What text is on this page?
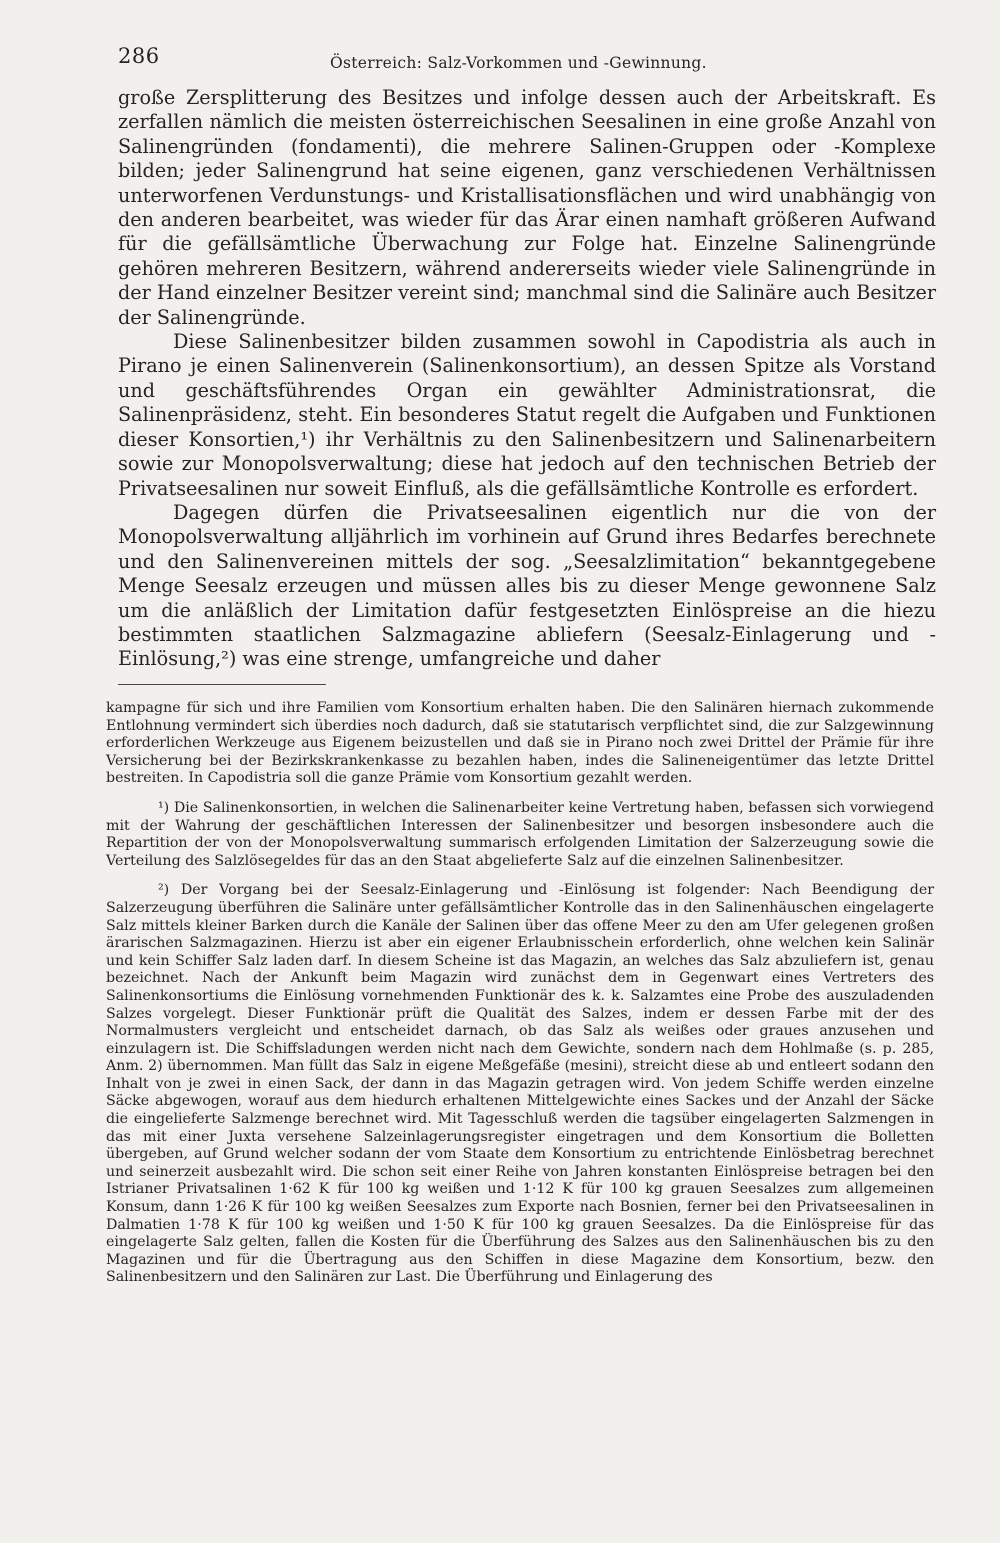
286	Österreich: Salz-Vorkommen und -Gewinnung.

große Zersplitterung des Besitzes und infolge dessen auch der Arbeitskraft. Es zerfallen nämlich die meisten österreichischen Seesalinen in eine große Anzahl von Salinengründen (fondamenti), die mehrere Salinen-Gruppen oder -Komplexe bilden; jeder Salinengrund hat seine eigenen, ganz verschiedenen Verhältnissen unterworfenen Verdunstungs- und Kristallisationsflächen und wird unabhängig von den anderen bearbeitet, was wieder für das Ärar einen namhaft größeren Aufwand für die gefällsämtliche Überwachung zur Folge hat. Einzelne Salinengründe gehören mehreren Besitzern, während andererseits wieder viele Salinengründe in der Hand einzelner Besitzer vereint sind; manchmal sind die Salinäre auch Besitzer der Salinengründe.

Diese Salinenbesitzer bilden zusammen sowohl in Capodistria als auch in Pirano je einen Salinenverein (Salinenkonsortium), an dessen Spitze als Vorstand und geschäftsführendes Organ ein gewählter Administrationsrat, die Salinenpräsidenz, steht. Ein besonderes Statut regelt die Aufgaben und Funktionen dieser Konsortien,¹) ihr Verhältnis zu den Salinenbesitzern und Salinenarbeitern sowie zur Monopolsverwaltung; diese hat jedoch auf den technischen Betrieb der Privatseesalinen nur soweit Einfluß, als die gefällsämtliche Kontrolle es erfordert.

Dagegen dürfen die Privatseesalinen eigentlich nur die von der Monopolsverwaltung alljährlich im vorhinein auf Grund ihres Bedarfes berechnete und den Salinenvereinen mittels der sog. „Seesalzlimitation“ bekanntgegebene Menge Seesalz erzeugen und müssen alles bis zu dieser Menge gewonnene Salz um die anläßlich der Limitation dafür festgesetzten Einlöspreise an die hiezu bestimmten staatlichen Salzmagazine abliefern (Seesalz-Einlagerung und -Einlösung,²) was eine strenge, umfangreiche und daher

kampagne für sich und ihre Familien vom Konsortium erhalten haben. Die den Salinären hiernach zukommende Entlohnung vermindert sich überdies noch dadurch, daß sie statutarisch verpflichtet sind, die zur Salzgewinnung erforderlichen Werkzeuge aus Eigenem beizustellen und daß sie in Pirano noch zwei Drittel der Prämie für ihre Versicherung bei der Bezirkskrankenkasse zu bezahlen haben, indes die Salineneigentümer das letzte Drittel bestreiten. In Capodistria soll die ganze Prämie vom Konsortium gezahlt werden.

¹) Die Salinenkonsortien, in welchen die Salinenarbeiter keine Vertretung haben, befassen sich vorwiegend mit der Wahrung der geschäftlichen Interessen der Salinenbesitzer und besorgen insbesondere auch die Repartition der von der Monopolsverwaltung summarisch erfolgenden Limitation der Salzerzeugung sowie die Verteilung des Salzlösegeldes für das an den Staat abgelieferte Salz auf die einzelnen Salinenbesitzer.

²) Der Vorgang bei der Seesalz-Einlagerung und -Einlösung ist folgender: Nach Beendigung der Salzerzeugung überführen die Salinäre unter gefällsämtlicher Kontrolle das in den Salinenhäuschen eingelagerte Salz mittels kleiner Barken durch die Kanäle der Salinen über das offene Meer zu den am Ufer gelegenen großen ärarischen Salzmagazinen. Hierzu ist aber ein eigener Erlaubnisschein erforderlich, ohne welchen kein Salinär und kein Schiffer Salz laden darf. In diesem Scheine ist das Magazin, an welches das Salz abzuliefern ist, genau bezeichnet. Nach der Ankunft beim Magazin wird zunächst dem in Gegenwart eines Vertreters des Salinenkonsortiums die Einlösung vornehmenden Funktionär des k. k. Salzamtes eine Probe des auszuladenden Salzes vorgelegt. Dieser Funktionär prüft die Qualität des Salzes, indem er dessen Farbe mit der des Normalmusters vergleicht und entscheidet darnach, ob das Salz als weißes oder graues anzusehen und einzulagern ist. Die Schiffsladungen werden nicht nach dem Gewichte, sondern nach dem Hohlmaße (s. p. 285, Anm. 2) übernommen. Man füllt das Salz in eigene Meßgefäße (mesini), streicht diese ab und entleert sodann den Inhalt von je zwei in einen Sack, der dann in das Magazin getragen wird. Von jedem Schiffe werden einzelne Säcke abgewogen, worauf aus dem hiedurch erhaltenen Mittelgewichte eines Sackes und der Anzahl der Säcke die eingelieferte Salzmenge berechnet wird. Mit Tagesschluß werden die tagsüber eingelagerten Salzmengen in das mit einer Juxta versehene Salzeinlagerungsregister eingetragen und dem Konsortium die Bolletten übergeben, auf Grund welcher sodann der vom Staate dem Konsortium zu entrichtende Einlösbetrag berechnet und seinerzeit ausbezahlt wird. Die schon seit einer Reihe von Jahren konstanten Einlöspreise betragen bei den Istrianer Privatsalinen 1·62 K für 100 kg weißen und 1·12 K für 100 kg grauen Seesalzes zum allgemeinen Konsum, dann 1·26 K für 100 kg weißen Seesalzes zum Exporte nach Bosnien, ferner bei den Privatseesalinen in Dalmatien 1·78 K für 100 kg weißen und 1·50 K für 100 kg grauen Seesalzes. Da die Einlöspreise für das eingelagerte Salz gelten, fallen die Kosten für die Überführung des Salzes aus den Salinenhäuschen bis zu den Magazinen und für die Übertragung aus den Schiffen in diese Magazine dem Konsortium, bezw. den Salinenbesitzern und den Salinären zur Last. Die Überführung und Einlagerung des
